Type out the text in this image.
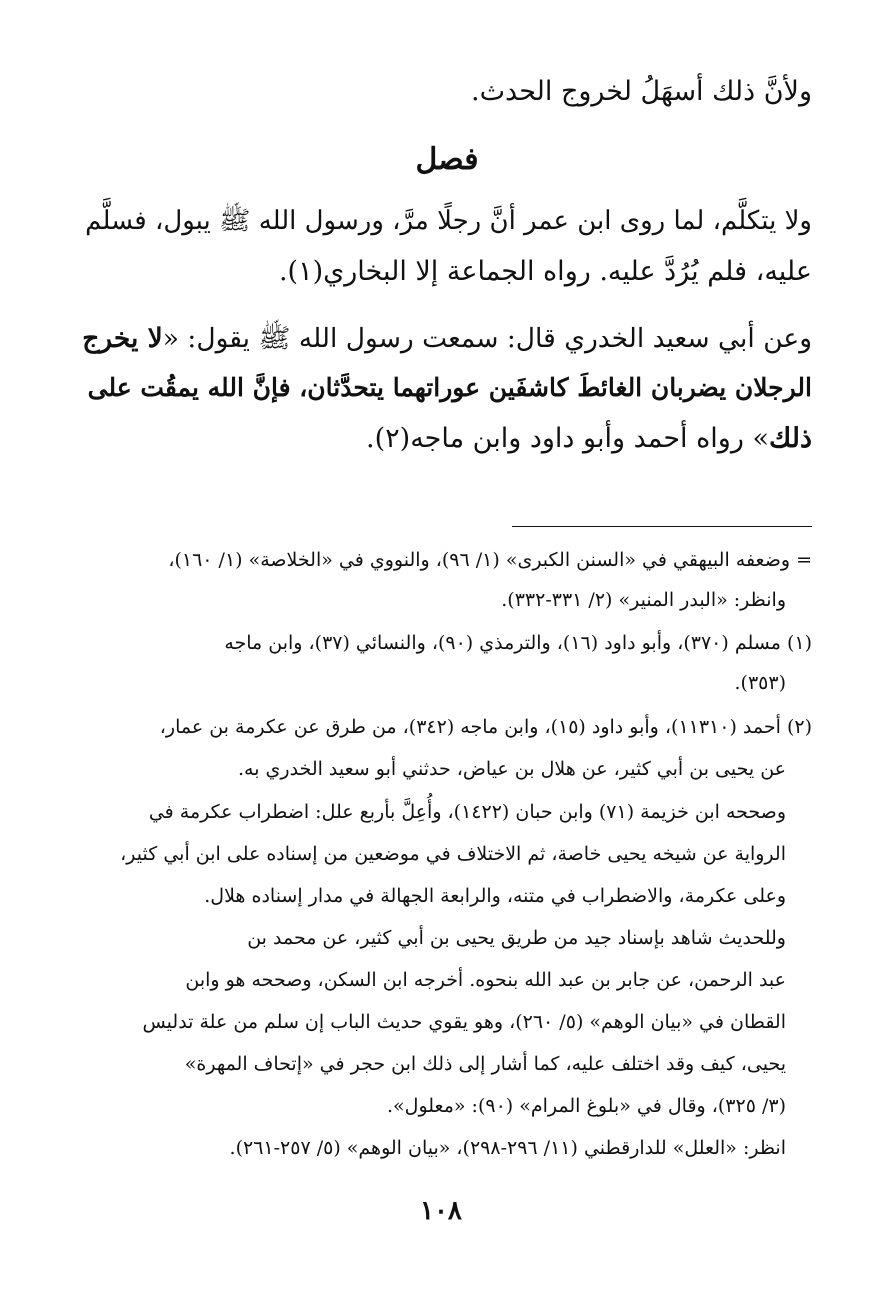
ولأنَّ ذلك أسهَلُ لخروج الحدث.
فصل
ولا يتكلَّم، لما روى ابن عمر أنَّ رجلًا مرَّ، ورسول الله ﷺ يبول، فسلَّم
عليه، فلم يُرُدَّ عليه. رواه الجماعة إلا البخاري(١).
وعن أبي سعيد الخدري قال: سمعت رسول الله ﷺ يقول: «لا يخرج
الرجلان يضربان الغائطَ كاشفَين عوراتهما يتحدَّثان، فإنَّ الله يمقُت على
ذلك» رواه أحمد وأبو داود وابن ماجه(٢).
= وضعفه البيهقي في «السنن الكبرى» (١/ ٩٦)، والنووي في «الخلاصة» (١/ ١٦٠)،
وانظر: «البدر المنير» (٢/ ٣٣١-٣٣٢).
(١) مسلم (٣٧٠)، وأبو داود (١٦)، والترمذي (٩٠)، والنسائي (٣٧)، وابن ماجه
(٣٥٣).
(٢) أحمد (١١٣١٠)، وأبو داود (١٥)، وابن ماجه (٣٤٢)، من طرق عن عكرمة بن عمار،
عن يحيى بن أبي كثير، عن هلال بن عياض، حدثني أبو سعيد الخدري به.
وصححه ابن خزيمة (٧١) وابن حبان (١٤٢٢)، وأُعِلَّ بأربع علل: اضطراب عكرمة في
الرواية عن شيخه يحيى خاصة، ثم الاختلاف في موضعين من إسناده على ابن أبي كثير،
وعلى عكرمة، والاضطراب في متنه، والرابعة الجهالة في مدار إسناده هلال.
وللحديث شاهد بإسناد جيد من طريق يحيى بن أبي كثير، عن محمد بن
عبد الرحمن، عن جابر بن عبد الله بنحوه. أخرجه ابن السكن، وصححه هو وابن
القطان في «بيان الوهم» (٥/ ٢٦٠)، وهو يقوي حديث الباب إن سلم من علة تدليس
يحيى، كيف وقد اختلف عليه، كما أشار إلى ذلك ابن حجر في «إتحاف المهرة»
(٣/ ٣٢٥)، وقال في «بلوغ المرام» (٩٠): «معلول».
انظر: «العلل» للدارقطني (١١/ ٢٩٦-٢٩٨)، «بيان الوهم» (٥/ ٢٥٧-٢٦١).
١٠٨
